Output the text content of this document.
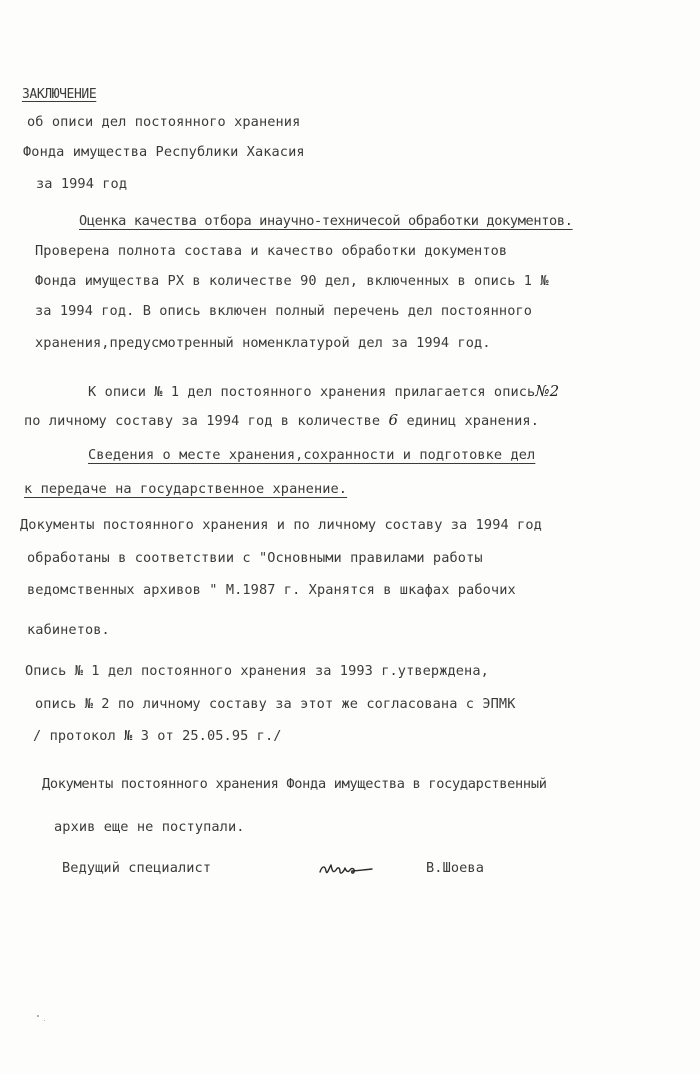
ЗАКЛЮЧЕНИЕ
об описи дел постоянного хранения
Фонда имущества Республики Хакасия
за 1994 год
Оценка качества отбора инаучно-техничесой обработки документов.
Проверена полнота состава и качество обработки документов
Фонда имущества РХ в количестве 90 дел, включенных в опись 1 №
за 1994 год. В опись включен полный перечень дел постоянного
хранения,предусмотренный номенклатурой дел за 1994 год.
К описи № 1 дел постоянного хранения прилагается опись№2
по личному составу за 1994 год в количестве 6 единиц хранения.
Сведения о месте хранения,сохранности и подготовке дел
к передаче на государственное хранение.
Документы постоянного хранения и по личному составу за 1994 год
обработаны в соответствии с "Основными правилами работы
ведомственных архивов " М.1987 г. Хранятся в шкафах рабочих
кабинетов.
Опись № 1 дел постоянного хранения за 1993 г.утверждена,
опись № 2 по личному составу за этот же согласована с ЭПМК
/ протокол № 3 от 25.05.95 г./
Документы постоянного хранения Фонда имущества в государственный
архив еще не поступали.
Ведущий специалист	В.Шоева
